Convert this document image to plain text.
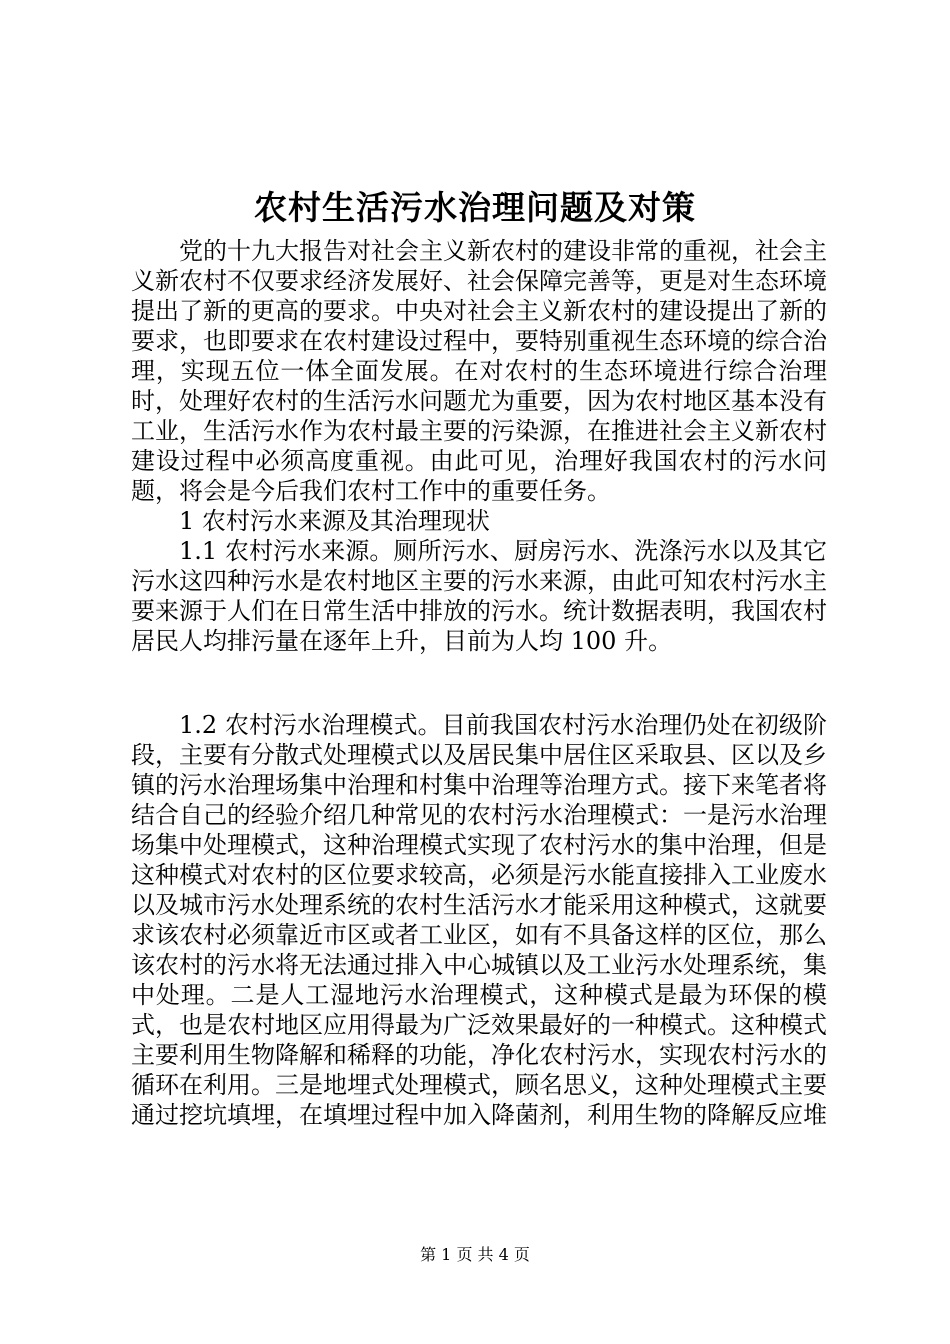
农村生活污水治理问题及对策

党的十九大报告对社会主义新农村的建设非常的重视，社会主义新农村不仅要求经济发展好、社会保障完善等，更是对生态环境提出了新的更高的要求。中央对社会主义新农村的建设提出了新的要求，也即要求在农村建设过程中，要特别重视生态环境的综合治理，实现五位一体全面发展。在对农村的生态环境进行综合治理时，处理好农村的生活污水问题尤为重要，因为农村地区基本没有工业，生活污水作为农村最主要的污染源，在推进社会主义新农村建设过程中必须高度重视。由此可见，治理好我国农村的污水问题，将会是今后我们农村工作中的重要任务。

1 农村污水来源及其治理现状

1.1 农村污水来源。厕所污水、厨房污水、洗涤污水以及其它污水这四种污水是农村地区主要的污水来源，由此可知农村污水主要来源于人们在日常生活中排放的污水。统计数据表明，我国农村居民人均排污量在逐年上升，目前为人均 100 升。

1.2 农村污水治理模式。目前我国农村污水治理仍处在初级阶段，主要有分散式处理模式以及居民集中居住区采取县、区以及乡镇的污水治理场集中治理和村集中治理等治理方式。接下来笔者将结合自己的经验介绍几种常见的农村污水治理模式：一是污水治理场集中处理模式，这种治理模式实现了农村污水的集中治理，但是这种模式对农村的区位要求较高，必须是污水能直接排入工业废水以及城市污水处理系统的农村生活污水才能采用这种模式，这就要求该农村必须靠近市区或者工业区，如有不具备这样的区位，那么该农村的污水将无法通过排入中心城镇以及工业污水处理系统，集中处理。二是人工湿地污水治理模式，这种模式是最为环保的模式，也是农村地区应用得最为广泛效果最好的一种模式。这种模式主要利用生物降解和稀释的功能，净化农村污水，实现农村污水的循环在利用。三是地埋式处理模式，顾名思义，这种处理模式主要通过挖坑填埋，在填埋过程中加入降菌剂，利用生物的降解反应堆

第 1 页 共 4 页
